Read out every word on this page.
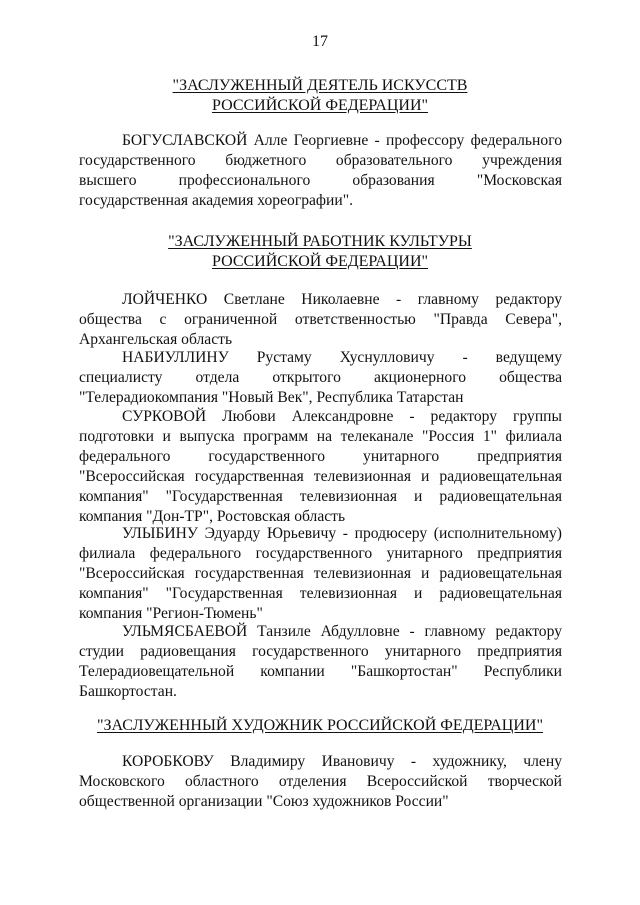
17
"ЗАСЛУЖЕННЫЙ ДЕЯТЕЛЬ ИСКУССТВ
РОССИЙСКОЙ ФЕДЕРАЦИИ"
БОГУСЛАВСКОЙ Алле Георгиевне - профессору федерального
государственного бюджетного образовательного учреждения
высшего профессионального образования "Московская
государственная академия хореографии".
"ЗАСЛУЖЕННЫЙ РАБОТНИК КУЛЬТУРЫ
РОССИЙСКОЙ ФЕДЕРАЦИИ"
ЛОЙЧЕНКО Светлане Николаевне - главному редактору
общества с ограниченной ответственностью "Правда Севера",
Архангельская область
НАБИУЛЛИНУ Рустаму Хуснулловичу - ведущему
специалисту отдела открытого акционерного общества
"Телерадиокомпания "Новый Век", Республика Татарстан
СУРКОВОЙ Любови Александровне - редактору группы
подготовки и выпуска программ на телеканале "Россия 1" филиала
федерального государственного унитарного предприятия
"Всероссийская государственная телевизионная и радиовещательная
компания" "Государственная телевизионная и радиовещательная
компания "Дон-ТР", Ростовская область
УЛЫБИНУ Эдуарду Юрьевичу - продюсеру (исполнительному)
филиала федерального государственного унитарного предприятия
"Всероссийская государственная телевизионная и радиовещательная
компания" "Государственная телевизионная и радиовещательная
компания "Регион-Тюмень"
УЛЬМЯСБАЕВОЙ Танзиле Абдулловне - главному редактору
студии радиовещания государственного унитарного предприятия
Телерадиовещательной компании "Башкортостан" Республики
Башкортостан.
"ЗАСЛУЖЕННЫЙ ХУДОЖНИК РОССИЙСКОЙ ФЕДЕРАЦИИ"
КОРОБКОВУ Владимиру Ивановичу - художнику, члену
Московского областного отделения Всероссийской творческой
общественной организации "Союз художников России"
